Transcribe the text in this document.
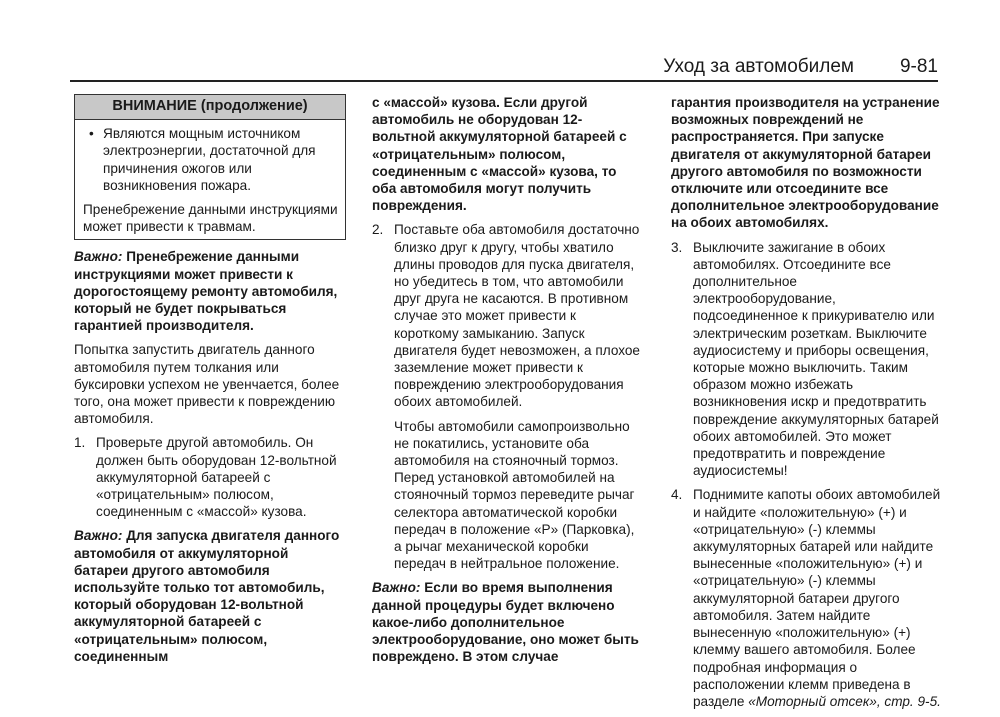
Уход за автомобилем 9-81
ВНИМАНИЕ (продолжение)
• Являются мощным источником электроэнергии, достаточной для причинения ожогов или возникновения пожара.

Пренебрежение данными инструкциями может привести к травмам.

Важно: Пренебрежение данными инструкциями может привести к дорогостоящему ремонту автомобиля, который не будет покрываться гарантией производителя.

Попытка запустить двигатель данного автомобиля путем толкания или буксировки успехом не увенчается, более того, она может привести к повреждению автомобиля.

1. Проверьте другой автомобиль. Он должен быть оборудован 12-вольтной аккумуляторной батареей с «отрицательным» полюсом, соединенным с «массой» кузова.

Важно: Для запуска двигателя данного автомобиля от аккумуляторной батареи другого автомобиля используйте только тот автомобиль, который оборудован 12-вольтной аккумуляторной батареей с «отрицательным» полюсом, соединенным

с «массой» кузова. Если другой автомобиль не оборудован 12-вольтной аккумуляторной батареей с «отрицательным» полюсом, соединенным с «массой» кузова, то оба автомобиля могут получить повреждения.

2. Поставьте оба автомобиля достаточно близко друг к другу, чтобы хватило длины проводов для пуска двигателя, но убедитесь в том, что автомобили друг друга не касаются. В противном случае это может привести к короткому замыканию. Запуск двигателя будет невозможен, а плохое заземление может привести к повреждению электрооборудования обоих автомобилей.

Чтобы автомобили самопроизвольно не покатились, установите оба автомобиля на стояночный тормоз. Перед установкой автомобилей на стояночный тормоз переведите рычаг селектора автоматической коробки передач в положение «P» (Парковка), а рычаг механической коробки передач в нейтральное положение.

Важно: Если во время выполнения данной процедуры будет включено какое-либо дополнительное электрооборудование, оно может быть повреждено. В этом случае

гарантия производителя на устранение возможных повреждений не распространяется. При запуске двигателя от аккумуляторной батареи другого автомобиля по возможности отключите или отсоедините все дополнительное электрооборудование на обоих автомобилях.

3. Выключите зажигание в обоих автомобилях. Отсоедините все дополнительное электрооборудование, подсоединенное к прикуривателю или электрическим розеткам. Выключите аудиосистему и приборы освещения, которые можно выключить. Таким образом можно избежать возникновения искр и предотвратить повреждение аккумуляторных батарей обоих автомобилей. Это может предотвратить и повреждение аудиосистемы!
4. Поднимите капоты обоих автомобилей и найдите «положительную» (+) и «отрицательную» (-) клеммы аккумуляторных батарей или найдите вынесенные «положительную» (+) и «отрицательную» (-) клеммы аккумуляторной батареи другого автомобиля. Затем найдите вынесенную «положительную» (+) клемму вашего автомобиля. Более подробная информация о расположении клемм приведена в разделе «Моторный отсек», стр. 9-5.
